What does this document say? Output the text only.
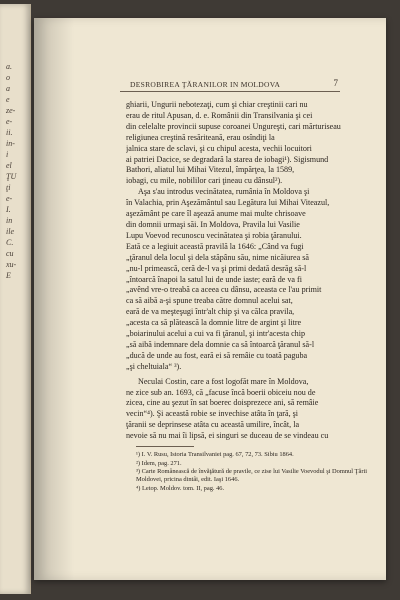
a.
o
a
e
ze-
e-
ii.
in-
i
el
ŢU
ţi
e-
I.
in
ile
C.
cu
xu-
E
DESROBIREA ŢĂRANILOR IN MOLDOVA	7
ghiarii, Ungurii nebotezaţi, cum şi chiar creştinii cari nu
erau de ritul Apusan, d. e. Românii din Transilvania şi cei
din celelalte provincii supuse coroanei Ungureşti, cari mărturiseau
religiunea creştină resăriteană, erau osîndiţi la
jalnica stare de sclavi, şi cu chipul acesta, vechii locuitori
ai patriei Dacice, se degradară la starea de iobagi¹). Sigismund
Bathori, aliatul lui Mihai Vitezul, împărţea, la 1589,
iobagi, cu mile, nobililor cari ţineau cu dânsul²).
Aşa s'au introdus vecinătatea, rumânia în Moldova şi
în Valachia, prin Aşezământul sau Legătura lui Mihai Viteazul,
aşezământ pe care îl aşează anume mai multe chrisoave
din domnii urmaşi săi. In Moldova, Pravila lui Vasilie
Lupu Voevod recunoscu vecinătatea şi robia ţăranului.
Eată ce a legiuit această pravilă la 1646: „Când va fugi
„ţăranul dela locul şi dela stăpânu său, nime nicăiurea să
„nu-l primească, ceră de-l va şi primi dedată desrăg să-l
„întoarcă înapoi la satul lui de unde iaste; eară de va fi
„avênd vre-o treabă ca aceea cu dânsu, aceasta ce l'au primit
ca să aibă a-şi spune treaba către domnul acelui sat,
eară de va meşteşugi într'alt chip şi va călca pravila,
„acesta ca să plătească la domnie litre de argint şi litre
„boiarinului acelui a cui va fi ţăranul, şi intr'acesta chip
„să aibă indemnare dela domnie ca să întoarcă ţăranul să-l
„ducă de unde au fost, eară ei să remâie cu toată paguba
„şi cheltuiala“ ³).
Neculai Costin, care a fost logofăt mare în Moldova,
ne zice sub an. 1693, că „facuse încă boerii obiceiu nou de
zicea, cine au şezut în sat boerec doisprezece ani, să remâie
vecin“⁴). Şi această robie se invechise atâta în ţară, şi
ţăranii se deprinsese atâta cu această umilire, încât, la
nevoie să nu mai îi lipsă, ei singuri se duceau de se vindeau cu
¹) I. V. Rusu, Istoria Transilvaniei pag. 67, 72, 73. Sibiu 1864.
²) Idem, pag. 271.
³) Carte Românească de învăţătură de pravile, ce zise lui Vasilie Voevodul şi Domnul Ţării Moldovei, pricina dintâi, edit. Iaşi 1646.
⁴) Letop. Moldov. tom. II, pag. 46.
